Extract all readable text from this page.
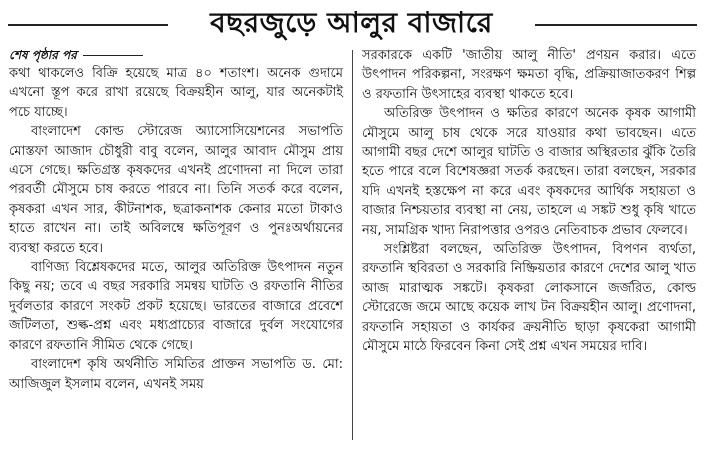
বছরজুড়ে আলুর বাজারে
শেষ পৃষ্ঠার পর

কথা থাকলেও বিক্রি হয়েছে মাত্র ৪০ শতাংশ। অনেক গুদামে এখনো স্তূপ করে রাখা রয়েছে বিক্রয়হীন আলু, যার অনেকটাই পচে যাচ্ছে।

বাংলাদেশ কোল্ড স্টোরেজ অ্যাসোসিয়েশনের সভাপতি মোস্তফা আজাদ চৌধুরী বাবু বলেন, আলুর আবাদ মৌসুম প্রায় এসে গেছে। ক্ষতিগ্রস্ত কৃষকদের এখনই প্রণোদনা না দিলে তারা পরবর্তী মৌসুমে চাষ করতে পারবে না। তিনি সতর্ক করে বলেন, কৃষকরা এখন সার, কীটনাশক, ছত্রাকনাশক কেনার মতো টাকাও হাতে রাখেন না। তাই অবিলম্বে ক্ষতিপূরণ ও পুনঃঅর্থায়নের ব্যবস্থা করতে হবে।

বাণিজ্য বিশ্লেষকদের মতে, আলুর অতিরিক্ত উৎপাদন নতুন কিছু নয়; তবে এ বছর সরকারি সমন্বয় ঘাটতি ও রফতানি নীতির দুর্বলতার কারণে সংকট প্রকট হয়েছে। ভারতের বাজারে প্রবেশে জটিলতা, শুল্ক-প্রশ্ন এবং মধ্যপ্রাচ্যের বাজারে দুর্বল সংযোগের কারণে রফতানি সীমিত থেকে গেছে।

বাংলাদেশ কৃষি অর্থনীতি সমিতির প্রাক্তন সভাপতি ড. মো: আজিজুল ইসলাম বলেন, এখনই সময়

সরকারকে একটি 'জাতীয় আলু নীতি' প্রণয়ন করার। এতে উৎপাদন পরিকল্পনা, সংরক্ষণ ক্ষমতা বৃদ্ধি, প্রক্রিয়াজাতকরণ শিল্প ও রফতানি উৎসাহের ব্যবস্থা থাকতে হবে।

অতিরিক্ত উৎপাদন ও ক্ষতির কারণে অনেক কৃষক আগামী মৌসুমে আলু চাষ থেকে সরে যাওয়ার কথা ভাবছেন। এতে আগামী বছর দেশে আলুর ঘাটতি ও বাজার অস্থিরতার ঝুঁকি তৈরি হতে পারে বলে বিশেষজ্ঞরা সতর্ক করছেন। তারা বলছেন, সরকার যদি এখনই হস্তক্ষেপ না করে এবং কৃষকদের আর্থিক সহায়তা ও বাজার নিশ্চয়তার ব্যবস্থা না নেয়, তাহলে এ সঙ্কট শুধু কৃষি খাতে নয়, সামগ্রিক খাদ্য নিরাপত্তার ওপরও নেতিবাচক প্রভাব ফেলবে।

সংশ্লিষ্টরা বলছেন, অতিরিক্ত উৎপাদন, বিপণন ব্যর্থতা, রফতানি স্থবিরতা ও সরকারি নিষ্ক্রিয়তার কারণে দেশের আলু খাত আজ মারাত্মক সঙ্কটে। কৃষকরা লোকসানে জর্জরিত, কোল্ড স্টোরেজে জমে আছে কয়েক লাখ টন বিক্রয়হীন আলু। প্রণোদনা, রফতানি সহায়তা ও কার্যকর ক্রয়নীতি ছাড়া কৃষকেরা আগামী মৌসুমে মাঠে ফিরবেন কিনা সেই প্রশ্ন এখন সময়ের দাবি।
